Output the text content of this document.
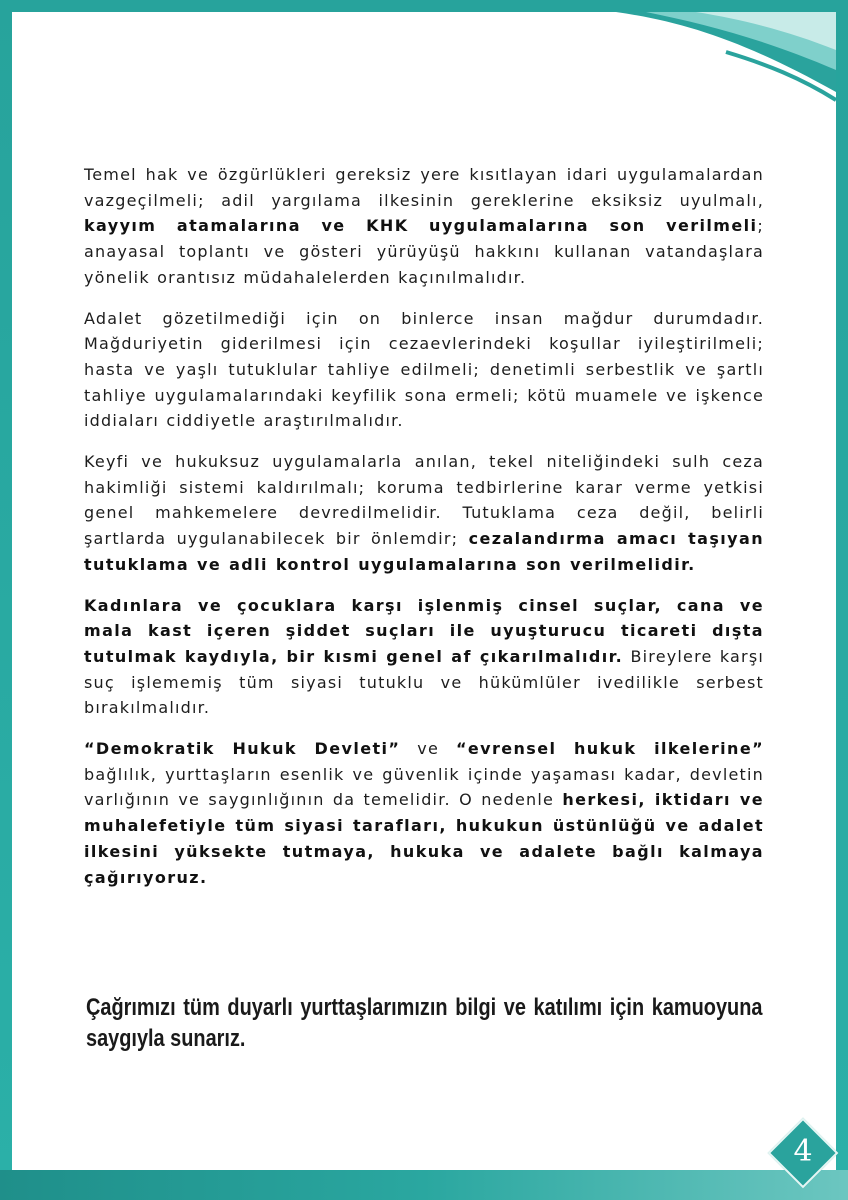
Temel hak ve özgürlükleri gereksiz yere kısıtlayan idari uygulamalardan vazgeçilmeli; adil yargılama ilkesinin gereklerine eksiksiz uyulmalı, kayyım atamalarına ve KHK uygulamalarına son verilmeli; anayasal toplantı ve gösteri yürüyüşü hakkını kullanan vatandaşlara yönelik orantısız müdahalelerden kaçınılmalıdır.

Adalet gözetilmediği için on binlerce insan mağdur durumdadır. Mağduriyetin giderilmesi için cezaevlerindeki koşullar iyileştirilmeli; hasta ve yaşlı tutuklular tahliye edilmeli; denetimli serbestlik ve şartlı tahliye uygulamalarındaki keyfilik sona ermeli; kötü muamele ve işkence iddiaları ciddiyetle araştırılmalıdır.

Keyfi ve hukuksuz uygulamalarla anılan, tekel niteliğindeki sulh ceza hakimliği sistemi kaldırılmalı; koruma tedbirlerine karar verme yetkisi genel mahkemelere devredilmelidir. Tutuklama ceza değil, belirli şartlarda uygulanabilecek bir önlemdir; cezalandırma amacı taşıyan tutuklama ve adli kontrol uygulamalarına son verilmelidir.

Kadınlara ve çocuklara karşı işlenmiş cinsel suçlar, cana ve mala kast içeren şiddet suçları ile uyuşturucu ticareti dışta tutulmak kaydıyla, bir kısmi genel af çıkarılmalıdır. Bireylere karşı suç işlememiş tüm siyasi tutuklu ve hükümlüler ivedilikle serbest bırakılmalıdır.

“Demokratik Hukuk Devleti” ve “evrensel hukuk ilkelerine” bağlılık, yurttaşların esenlik ve güvenlik içinde yaşaması kadar, devletin varlığının ve saygınlığının da temelidir. O nedenle herkesi, iktidarı ve muhalefetiyle tüm siyasi tarafları, hukukun üstünlüğü ve adalet ilkesini yüksekte tutmaya, hukuka ve adalete bağlı kalmaya çağırıyoruz.

Çağrımızı tüm duyarlı yurttaşlarımızın bilgi ve katılımı için kamuoyuna saygıyla sunarız.
4
